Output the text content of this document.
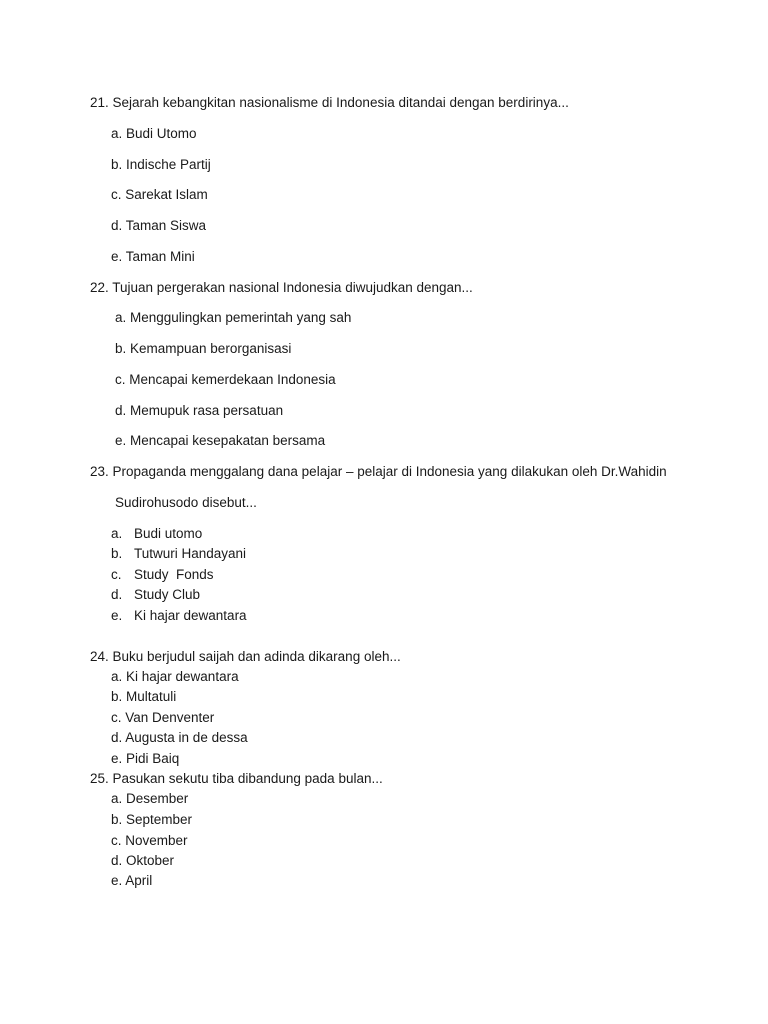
21. Sejarah kebangkitan nasionalisme di Indonesia ditandai dengan berdirinya...
a. Budi Utomo
b. Indische Partij
c. Sarekat Islam
d. Taman Siswa
e. Taman Mini
22. Tujuan pergerakan nasional Indonesia diwujudkan dengan...
a. Menggulingkan pemerintah yang sah
b. Kemampuan berorganisasi
c. Mencapai kemerdekaan Indonesia
d. Memupuk rasa persatuan
e. Mencapai kesepakatan bersama
23. Propaganda menggalang dana pelajar – pelajar di Indonesia yang dilakukan oleh Dr.Wahidin
Sudirohusodo disebut...
a. Budi utomo
b. Tutwuri Handayani
c. Study  Fonds
d. Study Club
e. Ki hajar dewantara
24. Buku berjudul saijah dan adinda dikarang oleh...
a. Ki hajar dewantara
b. Multatuli
c. Van Denventer
d. Augusta in de dessa
e. Pidi Baiq
25. Pasukan sekutu tiba dibandung pada bulan...
a. Desember
b. September
c. November
d. Oktober
e. April
